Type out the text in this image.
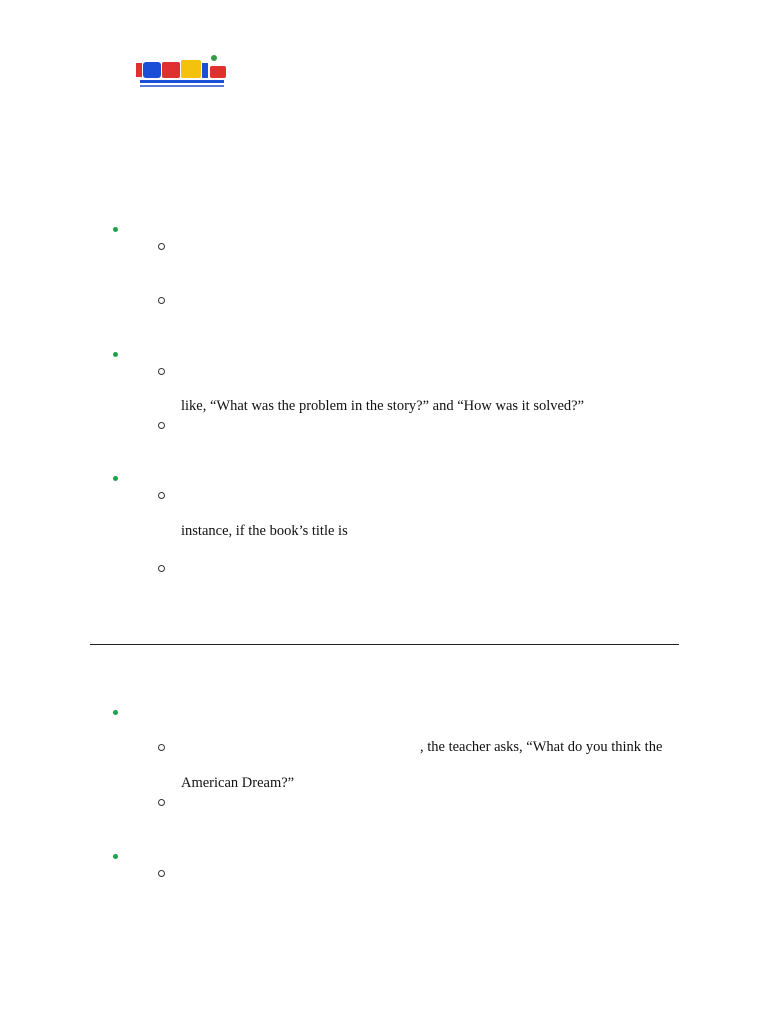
like, “What was the problem in the story?” and “How was it solved?”
instance, if the book’s title is
, the teacher asks, “What do you think the
American Dream?”
